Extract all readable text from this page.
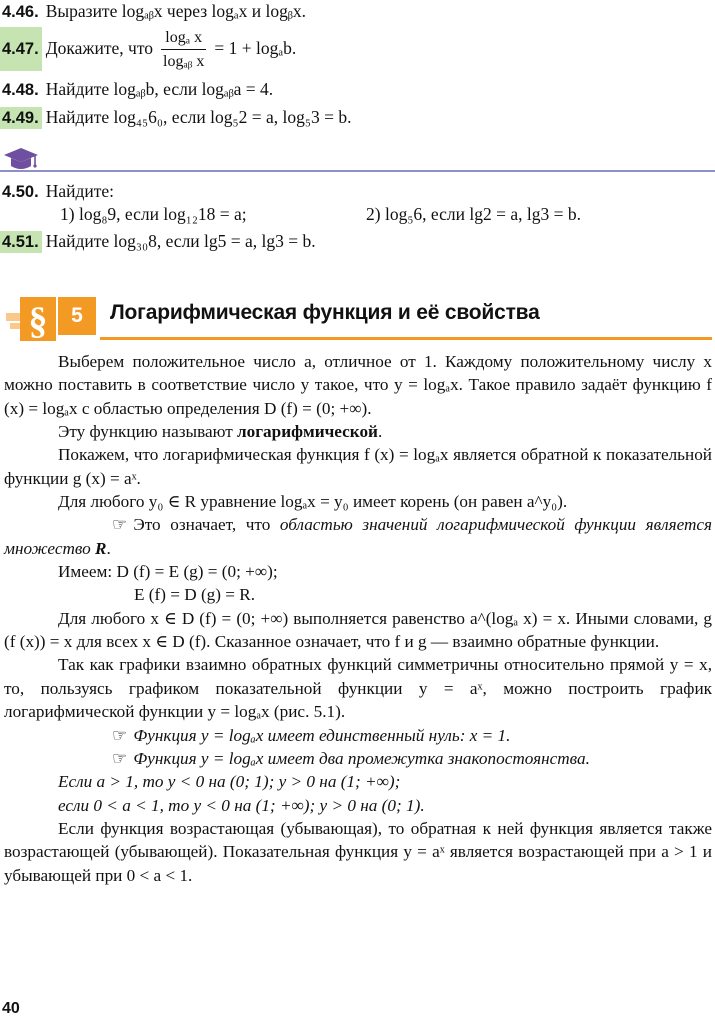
4.46. Выразите logₐᵦx через logₐx и logᵦx.
4.47. Докажите, что $\frac{\text{logₐ x}}{\text{logₐᵦ x}} = 1 + \log_ab$.
4.48. Найдите logₐᵦb, если logₐᵦa = 4.
4.49. Найдите log₄₅6₀, если log₅2 = a, log₅3 = b.
4.50. Найдите:
1) log₈9, если log₁₂18 = a;	2) log₅6, если lg2 = a, lg3 = b.
4.51. Найдите log₃₀8, если lg5 = a, lg3 = b.
§	5	Логарифмическая функция и её свойства

Выберем положительное число a, отличное от 1. Каждому положительному числу x можно поставить в соответствие число y такое, что y = logₐx. Такое правило задаёт функцию f (x) = logₐx с областью определения D (f) = (0; +∞).

Эту функцию называют логарифмической.

Покажем, что логарифмическая функция f (x) = logₐx является обратной к показательной функции g (x) = aˣ.

Для любого y₀ ∈ R уравнение logₐx = y₀ имеет корень (он равен a^y₀).

☞ Это означает, что областью значений логарифмической функции является множество R.

Имеем: D (f) = E (g) = (0; +∞);

E (f) = D (g) = R.

Для любого x ∈ D (f) = (0; +∞) выполняется равенство a^(logₐ x) = x. Иными словами, g (f (x)) = x для всех x ∈ D (f). Сказанное означает, что f и g — взаимно обратные функции.

Так как графики взаимно обратных функций симметричны относительно прямой y = x, то, пользуясь графиком показательной функции y = aˣ, можно построить график логарифмической функции y = logₐx (рис. 5.1).

☞ Функция y = logₐx имеет единственный нуль: x = 1.

☞ Функция y = logₐx имеет два промежутка знакопостоянства.

Если a > 1, то y < 0 на (0; 1); y > 0 на (1; +∞);

если 0 < a < 1, то y < 0 на (1; +∞); y > 0 на (0; 1).

Если функция возрастающая (убывающая), то обратная к ней функция является также возрастающей (убывающей). Показательная функция y = aˣ является возрастающей при a > 1 и убывающей при 0 < a < 1.

40
